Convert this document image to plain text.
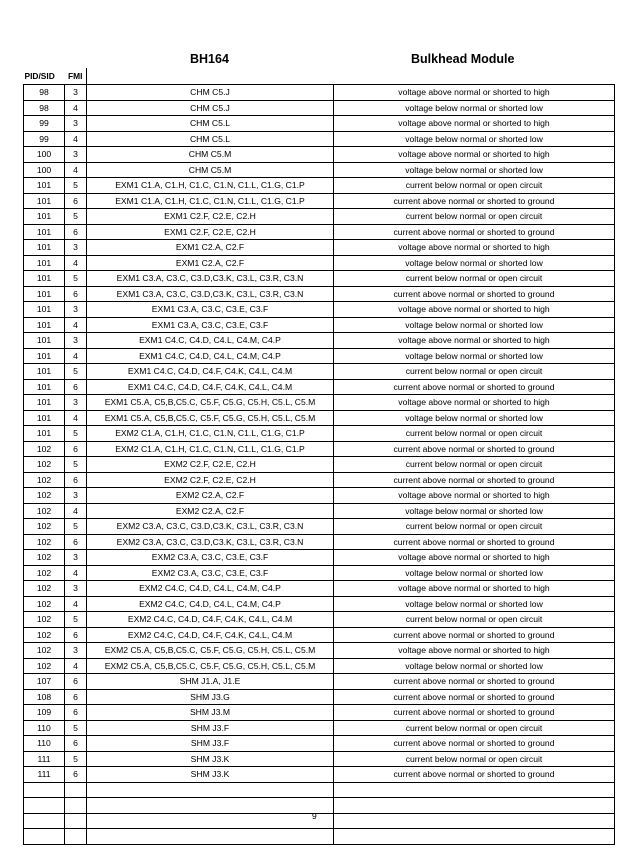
BH164	Bulkhead Module
PID/SID	FMI		
98	3	CHM C5.J	voltage above normal or shorted to high
98	4	CHM C5.J	voltage below normal or shorted low
99	3	CHM C5.L	voltage above normal or shorted to high
99	4	CHM C5.L	voltage below normal or shorted low
100	3	CHM C5.M	voltage above normal or shorted to high
100	4	CHM C5.M	voltage below normal or shorted low
101	5	EXM1 C1.A, C1.H, C1.C, C1.N, C1.L, C1.G, C1.P	current below normal or open circuit
101	6	EXM1 C1.A, C1.H, C1.C, C1.N, C1.L, C1.G, C1.P	current above normal or shorted to ground
101	5	EXM1 C2.F, C2.E, C2.H	current below normal or open circuit
101	6	EXM1 C2.F, C2.E, C2.H	current above normal or shorted to ground
101	3	EXM1 C2.A, C2.F	voltage above normal or shorted to high
101	4	EXM1 C2.A, C2.F	voltage below normal or shorted low
101	5	EXM1 C3.A, C3.C, C3.D,C3.K, C3.L, C3.R, C3.N	current below normal or open circuit
101	6	EXM1 C3.A, C3.C, C3.D,C3.K, C3.L, C3.R, C3.N	current above normal or shorted to ground
101	3	EXM1 C3.A, C3.C, C3.E, C3.F	voltage above normal or shorted to high
101	4	EXM1 C3.A, C3.C, C3.E, C3.F	voltage below normal or shorted low
101	3	EXM1 C4.C, C4.D, C4.L, C4.M, C4.P	voltage above normal or shorted to high
101	4	EXM1 C4.C, C4.D, C4.L, C4.M, C4.P	voltage below normal or shorted low
101	5	EXM1 C4.C, C4.D, C4.F, C4.K, C4.L, C4.M	current below normal or open circuit
101	6	EXM1 C4.C, C4.D, C4.F, C4.K, C4.L, C4.M	current above normal or shorted to ground
101	3	EXM1 C5.A, C5,B,C5.C, C5.F, C5.G, C5.H, C5.L, C5.M	voltage above normal or shorted to high
101	4	EXM1 C5.A, C5,B,C5.C, C5.F, C5.G, C5.H, C5.L, C5.M	voltage below normal or shorted low
101	5	EXM2 C1.A, C1.H, C1.C, C1.N, C1.L, C1.G, C1.P	current below normal or open circuit
102	6	EXM2 C1.A, C1.H, C1.C, C1.N, C1.L, C1.G, C1.P	current above normal or shorted to ground
102	5	EXM2 C2.F, C2.E, C2.H	current below normal or open circuit
102	6	EXM2 C2.F, C2.E, C2.H	current above normal or shorted to ground
102	3	EXM2 C2.A, C2.F	voltage above normal or shorted to high
102	4	EXM2 C2.A, C2.F	voltage below normal or shorted low
102	5	EXM2 C3.A, C3.C, C3.D,C3.K, C3.L, C3.R, C3.N	current below normal or open circuit
102	6	EXM2 C3.A, C3.C, C3.D,C3.K, C3.L, C3.R, C3.N	current above normal or shorted to ground
102	3	EXM2 C3.A, C3.C, C3.E, C3.F	voltage above normal or shorted to high
102	4	EXM2 C3.A, C3.C, C3.E, C3.F	voltage below normal or shorted low
102	3	EXM2 C4.C, C4.D, C4.L, C4.M, C4.P	voltage above normal or shorted to high
102	4	EXM2 C4.C, C4.D, C4.L, C4.M, C4.P	voltage below normal or shorted low
102	5	EXM2 C4.C, C4.D, C4.F, C4.K, C4.L, C4.M	current below normal or open circuit
102	6	EXM2 C4.C, C4.D, C4.F, C4.K, C4.L, C4.M	current above normal or shorted to ground
102	3	EXM2 C5.A, C5,B,C5.C, C5.F, C5.G, C5.H, C5.L, C5.M	voltage above normal or shorted to high
102	4	EXM2 C5.A, C5,B,C5.C, C5.F, C5.G, C5.H, C5.L, C5.M	voltage below normal or shorted low
107	6	SHM J1.A, J1.E	current above normal or shorted to ground
108	6	SHM J3.G	current above normal or shorted to ground
109	6	SHM J3.M	current above normal or shorted to ground
110	5	SHM J3.F	current below normal or open circuit
110	6	SHM J3.F	current above normal or shorted to ground
111	5	SHM J3.K	current below normal or open circuit
111	6	SHM J3.K	current above normal or shorted to ground

9
